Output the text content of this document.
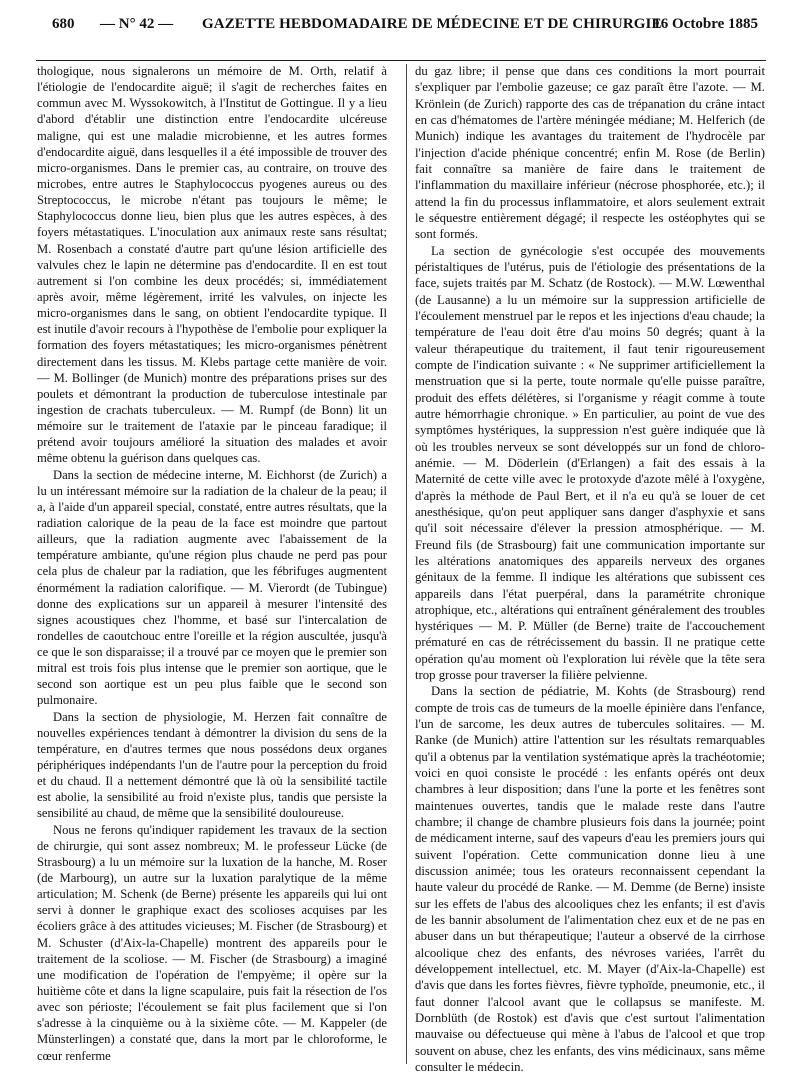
680 — N° 42 — GAZETTE HEBDOMADAIRE DE MÉDECINE ET DE CHIRURGIE
16 Octobre 1885

thologique, nous signalerons un mémoire de M. Orth, relatif à l'étiologie de l'endocardite aiguë; il s'agit de recherches faites en commun avec M. Wyssokowitch, à l'Institut de Gottingue. Il y a lieu d'abord d'établir une distinction entre l'endocardite ulcéreuse maligne, qui est une maladie microbienne, et les autres formes d'endocardite aiguë, dans lesquelles il a été impossible de trouver des micro-organismes. Dans le premier cas, au contraire, on trouve des microbes, entre autres le Staphylococcus pyogenes aureus ou des Streptococcus, le microbe n'étant pas toujours le même; le Staphylococcus donne lieu, bien plus que les autres espèces, à des foyers métastatiques. L'inoculation aux animaux reste sans résultat; M. Rosenbach a constaté d'autre part qu'une lésion artificielle des valvules chez le lapin ne détermine pas d'endocardite. Il en est tout autrement si l'on combine les deux procédés; si, immédiatement après avoir, même légèrement, irrité les valvules, on injecte les micro-organismes dans le sang, on obtient l'endocardite typique. Il est inutile d'avoir recours à l'hypothèse de l'embolie pour expliquer la formation des foyers métastatiques; les micro-organismes pénètrent directement dans les tissus. M. Klebs partage cette manière de voir. — M. Bollinger (de Munich) montre des préparations prises sur des poulets et démontrant la production de tuberculose intestinale par ingestion de crachats tuberculeux. — M. Rumpf (de Bonn) lit un mémoire sur le traitement de l'ataxie par le pinceau faradique; il prétend avoir toujours amélioré la situation des malades et avoir même obtenu la guérison dans quelques cas.

Dans la section de médecine interne, M. Eichhorst (de Zurich) a lu un intéressant mémoire sur la radiation de la chaleur de la peau; il a, à l'aide d'un appareil special, constaté, entre autres résultats, que la radiation calorique de la peau de la face est moindre que partout ailleurs, que la radiation augmente avec l'abaissement de la température ambiante, qu'une région plus chaude ne perd pas pour cela plus de chaleur par la radiation, que les fébrifuges augmentent énormément la radiation calorifique. — M. Vierordt (de Tubingue) donne des explications sur un appareil à mesurer l'intensité des signes acoustiques chez l'homme, et basé sur l'intercalation de rondelles de caoutchouc entre l'oreille et la région auscultée, jusqu'à ce que le son disparaisse; il a trouvé par ce moyen que le premier son mitral est trois fois plus intense que le premier son aortique, que le second son aortique est un peu plus faible que le second son pulmonaire.

Dans la section de physiologie, M. Herzen fait connaître de nouvelles expériences tendant à démontrer la division du sens de la température, en d'autres termes que nous possédons deux organes périphériques indépendants l'un de l'autre pour la perception du froid et du chaud. Il a nettement démontré que là où la sensibilité tactile est abolie, la sensibilité au froid n'existe plus, tandis que persiste la sensibilité au chaud, de même que la sensibilité douloureuse.

Nous ne ferons qu'indiquer rapidement les travaux de la section de chirurgie, qui sont assez nombreux; M. le professeur Lücke (de Strasbourg) a lu un mémoire sur la luxation de la hanche, M. Roser (de Marbourg), un autre sur la luxation paralytique de la même articulation; M. Schenk (de Berne) présente les appareils qui lui ont servi à donner le graphique exact des scolioses acquises par les écoliers grâce à des attitudes vicieuses; M. Fischer (de Strasbourg) et M. Schuster (d'Aix-la-Chapelle) montrent des appareils pour le traitement de la scoliose. — M. Fischer (de Strasbourg) a imaginé une modification de l'opération de l'empyème; il opère sur la huitième côte et dans la ligne scapulaire, puis fait la résection de l'os avec son périoste; l'écoulement se fait plus facilement que si l'on s'adresse à la cinquième ou à la sixième côte. — M. Kappeler (de Münsterlingen) a constaté que, dans la mort par le chloroforme, le cœur renferme

du gaz libre; il pense que dans ces conditions la mort pourrait s'expliquer par l'embolie gazeuse; ce gaz paraît être l'azote. — M. Krönlein (de Zurich) rapporte des cas de trépanation du crâne intact en cas d'hématomes de l'artère méningée médiane; M. Helferich (de Munich) indique les avantages du traitement de l'hydrocèle par l'injection d'acide phénique concentré; enfin M. Rose (de Berlin) fait connaître sa manière de faire dans le traitement de l'inflammation du maxillaire inférieur (nécrose phosphorée, etc.); il attend la fin du processus inflammatoire, et alors seulement extrait le séquestre entièrement dégagé; il respecte les ostéophytes qui se sont formés.

La section de gynécologie s'est occupée des mouvements péristaltiques de l'utérus, puis de l'étiologie des présentations de la face, sujets traités par M. Schatz (de Rostock). — M.W. Lœwenthal (de Lausanne) a lu un mémoire sur la suppression artificielle de l'écoulement menstruel par le repos et les injections d'eau chaude; la température de l'eau doit être d'au moins 50 degrés; quant à la valeur thérapeutique du traitement, il faut tenir rigoureusement compte de l'indication suivante : « Ne supprimer artificiellement la menstruation que si la perte, toute normale qu'elle puisse paraître, produit des effets délétères, si l'organisme y réagit comme à toute autre hémorrhagie chronique. » En particulier, au point de vue des symptômes hystériques, la suppression n'est guère indiquée que là où les troubles nerveux se sont développés sur un fond de chloro-anémie. — M. Döderlein (d'Erlangen) a fait des essais à la Maternité de cette ville avec le protoxyde d'azote mêlé à l'oxygène, d'après la méthode de Paul Bert, et il n'a eu qu'à se louer de cet anesthésique, qu'on peut appliquer sans danger d'asphyxie et sans qu'il soit nécessaire d'élever la pression atmosphérique. — M. Freund fils (de Strasbourg) fait une communication importante sur les altérations anatomiques des appareils nerveux des organes génitaux de la femme. Il indique les altérations que subissent ces appareils dans l'état puerpéral, dans la paramétrite chronique atrophique, etc., altérations qui entraînent généralement des troubles hystériques — M. P. Müller (de Berne) traite de l'accouchement prématuré en cas de rétrécissement du bassin. Il ne pratique cette opération qu'au moment où l'exploration lui révèle que la tête sera trop grosse pour traverser la filière pelvienne.

Dans la section de pédiatrie, M. Kohts (de Strasbourg) rend compte de trois cas de tumeurs de la moelle épinière dans l'enfance, l'un de sarcome, les deux autres de tubercules solitaires. — M. Ranke (de Munich) attire l'attention sur les résultats remarquables qu'il a obtenus par la ventilation systématique après la trachéotomie; voici en quoi consiste le procédé : les enfants opérés ont deux chambres à leur disposition; dans l'une la porte et les fenêtres sont maintenues ouvertes, tandis que le malade reste dans l'autre chambre; il change de chambre plusieurs fois dans la journée; point de médicament interne, sauf des vapeurs d'eau les premiers jours qui suivent l'opération. Cette communication donne lieu à une discussion animée; tous les orateurs reconnaissent cependant la haute valeur du procédé de Ranke. — M. Demme (de Berne) insiste sur les effets de l'abus des alcooliques chez les enfants; il est d'avis de les bannir absolument de l'alimentation chez eux et de ne pas en abuser dans un but thérapeutique; l'auteur a observé de la cirrhose alcoolique chez des enfants, des névroses variées, l'arrêt du développement intellectuel, etc. M. Mayer (d'Aix-la-Chapelle) est d'avis que dans les fortes fièvres, fièvre typhoïde, pneumonie, etc., il faut donner l'alcool avant que le collapsus se manifeste. M. Dornblüth (de Rostok) est d'avis que c'est surtout l'alimentation mauvaise ou défectueuse qui mène à l'abus de l'alcool et que trop souvent on abuse, chez les enfants, des vins médicinaux, sans même consulter le médecin.
